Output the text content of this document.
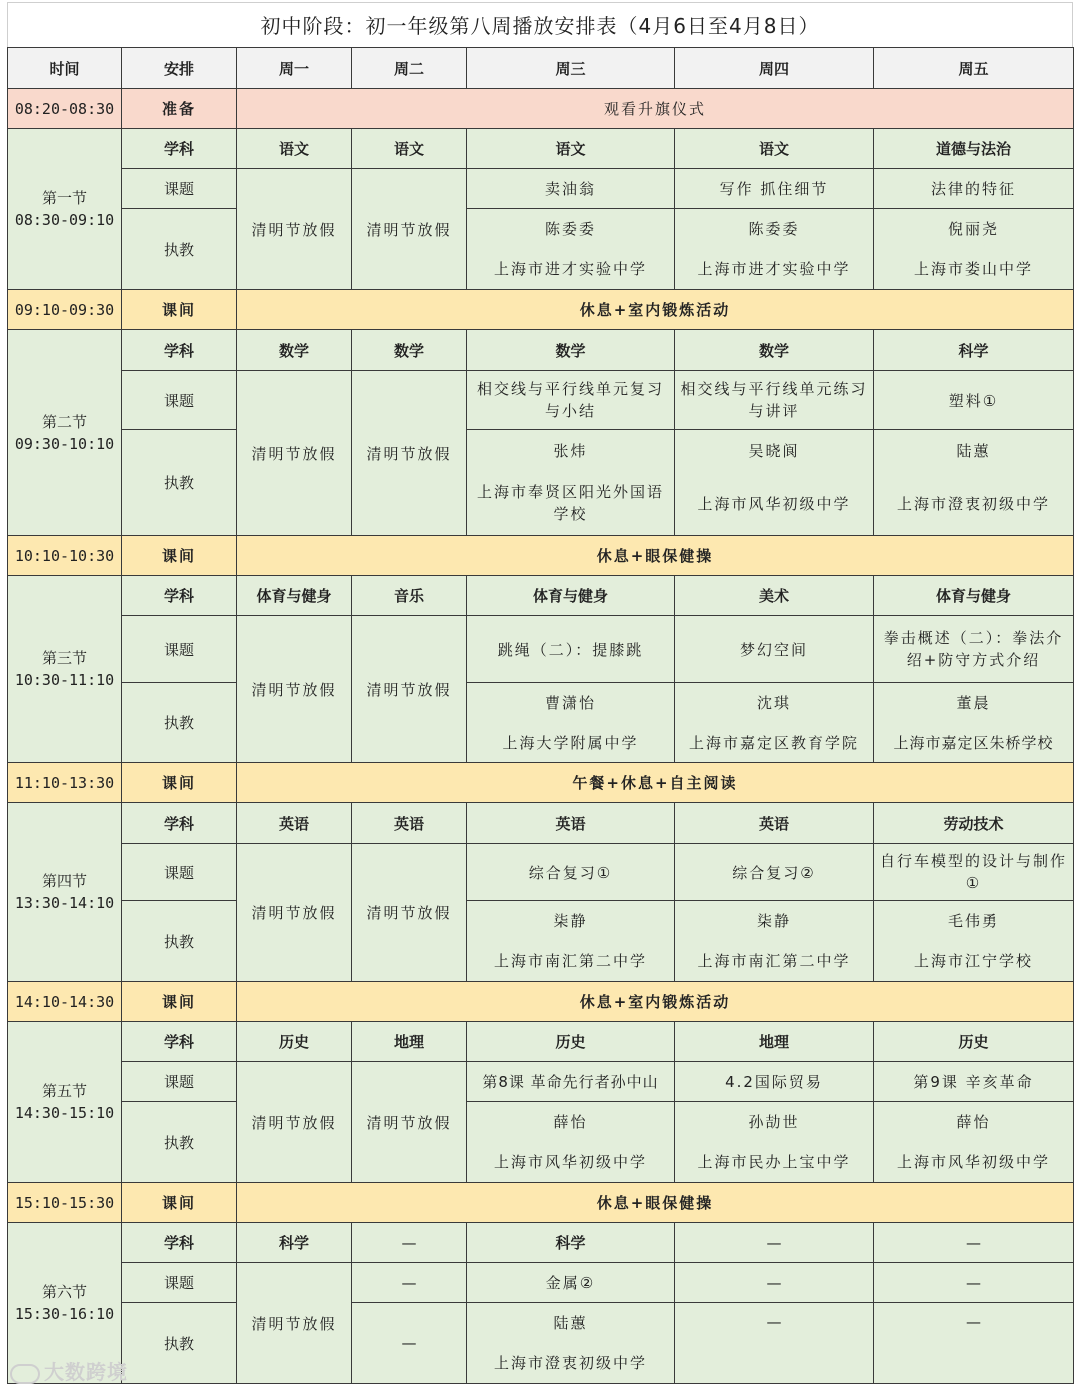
初中阶段：初一年级第八周播放安排表（4月6日至4月8日）
时间	安排	周一	周二	周三	周四	周五
08:20-08:30	准备	观看升旗仪式				

第一节
08:30-09:10	学科	语文	语文	语文	语文	道德与法治
	课题	清明节放假	清明节放假	卖油翁	写作 抓住细节	法律的特征
	执教			陈委委	陈委委	倪丽尧
				上海市进才实验中学	上海市进才实验中学	上海市娄山中学
09:10-09:30	课间	休息+室内锻炼活动				

第二节
09:30-10:10	学科	数学	数学	数学	数学	科学
	课题	清明节放假	清明节放假	相交线与平行线单元复习与小结	相交线与平行线单元练习与讲评	塑料①
	执教			张炜	吴晓阆	陆蕙
				上海市奉贤区阳光外国语学校	上海市风华初级中学	上海市澄衷初级中学
10:10-10:30	课间	休息+眼保健操				

第三节
10:30-11:10	学科	体育与健身	音乐	体育与健身	美术	体育与健身
	课题	清明节放假	清明节放假	跳绳（二）：提膝跳	梦幻空间	拳击概述（二）：拳法介绍+防守方式介绍
	执教			曹潇怡	沈琪	董晨
				上海大学附属中学	上海市嘉定区教育学院	上海市嘉定区朱桥学校
11:10-13:30	课间	午餐+休息+自主阅读				

第四节
13:30-14:10	学科	英语	英语	英语	英语	劳动技术
	课题	清明节放假	清明节放假	综合复习①	综合复习②	自行车模型的设计与制作①
	执教			柒静	柒静	毛伟勇
				上海市南汇第二中学	上海市南汇第二中学	上海市江宁学校
14:10-14:30	课间	休息+室内锻炼活动				

第五节
14:30-15:10	学科	历史	地理	历史	地理	历史
	课题	清明节放假	清明节放假	第8课 革命先行者孙中山	4.2国际贸易	第9课 辛亥革命
	执教			薛怡	孙劼世	薛怡
				上海市风华初级中学	上海市民办上宝中学	上海市风华初级中学
15:10-15:30	课间	休息+眼保健操				

第六节
15:30-16:10	学科	科学	—	科学	—	—
	课题	清明节放假	—	金属②	—	—
	执教		—	陆蕙	—	—
				上海市澄衷初级中学		
大数跨境
